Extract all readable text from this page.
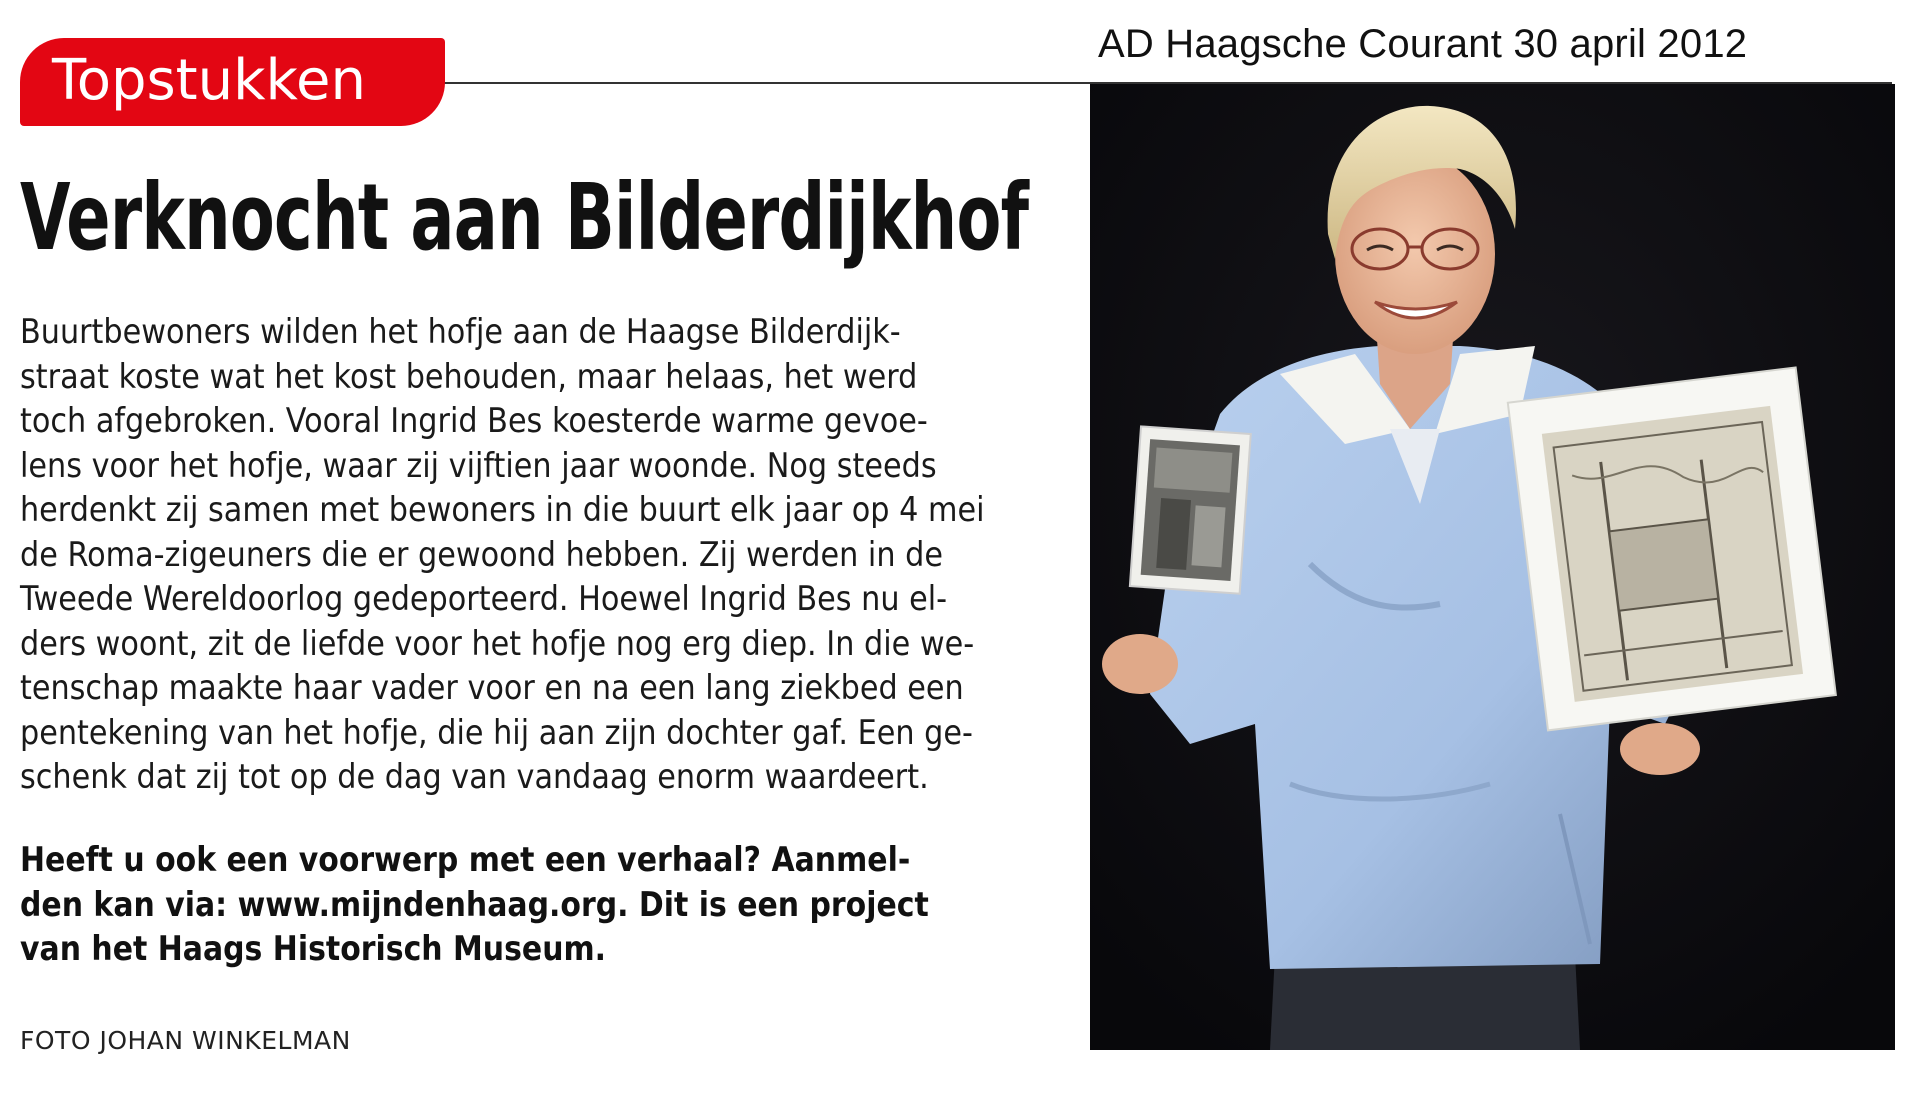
AD Haagsche Courant 30 april 2012
Topstukken
Verknocht aan Bilderdijkhof
Buurtbewoners wilden het hofje aan de Haagse Bilderdijk-
straat koste wat het kost behouden, maar helaas, het werd
toch afgebroken. Vooral Ingrid Bes koesterde warme gevoe-
lens voor het hofje, waar zij vijftien jaar woonde. Nog steeds
herdenkt zij samen met bewoners in die buurt elk jaar op 4 mei
de Roma-zigeuners die er gewoond hebben. Zij werden in de
Tweede Wereldoorlog gedeporteerd. Hoewel Ingrid Bes nu el-
ders woont, zit de liefde voor het hofje nog erg diep. In die we-
tenschap maakte haar vader voor en na een lang ziekbed een
pentekening van het hofje, die hij aan zijn dochter gaf. Een ge-
schenk dat zij tot op de dag van vandaag enorm waardeert.
Heeft u ook een voorwerp met een verhaal? Aanmel-
den kan via: www.mijndenhaag.org. Dit is een project
van het Haags Historisch Museum.
FOTO JOHAN WINKELMAN
